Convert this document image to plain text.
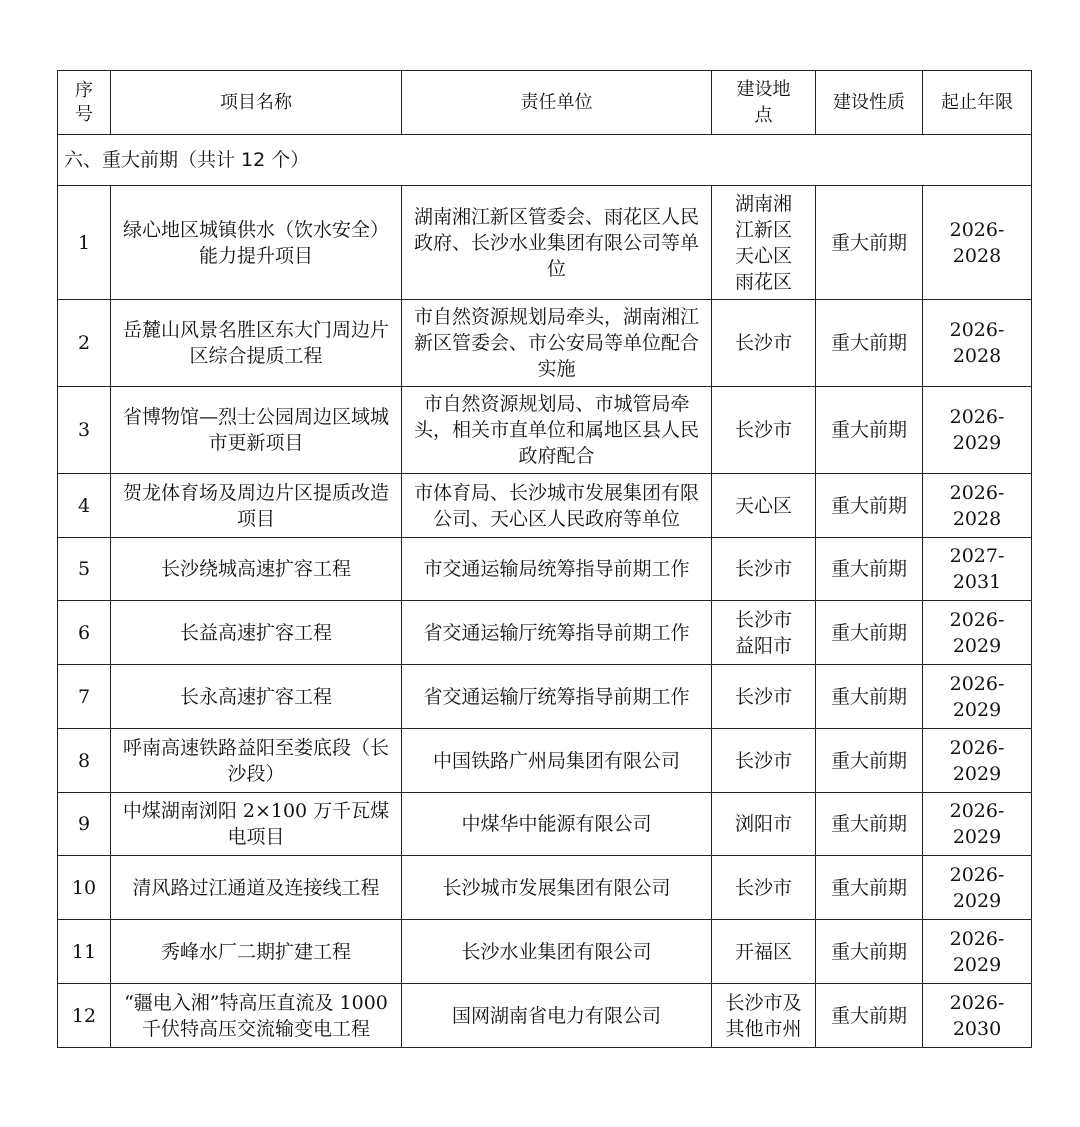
序号	项目名称	责任单位	建设地点	建设性质	起止年限
六、重大前期（共计 12 个）					
1	绿心地区城镇供水（饮水安全）能力提升项目	湖南湘江新区管委会、雨花区人民政府、长沙水业集团有限公司等单位	湖南湘江新区天心区雨花区	重大前期	2026-2028
2	岳麓山风景名胜区东大门周边片区综合提质工程	市自然资源规划局牵头，湖南湘江新区管委会、市公安局等单位配合实施	长沙市	重大前期	2026-2028
3	省博物馆—烈士公园周边区域城市更新项目	市自然资源规划局、市城管局牵头，相关市直单位和属地区县人民政府配合	长沙市	重大前期	2026-2029
4	贺龙体育场及周边片区提质改造项目	市体育局、长沙城市发展集团有限公司、天心区人民政府等单位	天心区	重大前期	2026-2028
5	长沙绕城高速扩容工程	市交通运输局统筹指导前期工作	长沙市	重大前期	2027-2031
6	长益高速扩容工程	省交通运输厅统筹指导前期工作	长沙市益阳市	重大前期	2026-2029
7	长永高速扩容工程	省交通运输厅统筹指导前期工作	长沙市	重大前期	2026-2029
8	呼南高速铁路益阳至娄底段（长沙段）	中国铁路广州局集团有限公司	长沙市	重大前期	2026-2029
9	中煤湖南浏阳 2×100 万千瓦煤电项目	中煤华中能源有限公司	浏阳市	重大前期	2026-2029
10	清风路过江通道及连接线工程	长沙城市发展集团有限公司	长沙市	重大前期	2026-2029
11	秀峰水厂二期扩建工程	长沙水业集团有限公司	开福区	重大前期	2026-2029
12	“疆电入湘”特高压直流及 1000 千伏特高压交流输变电工程	国网湖南省电力有限公司	长沙市及其他市州	重大前期	2026-2030
